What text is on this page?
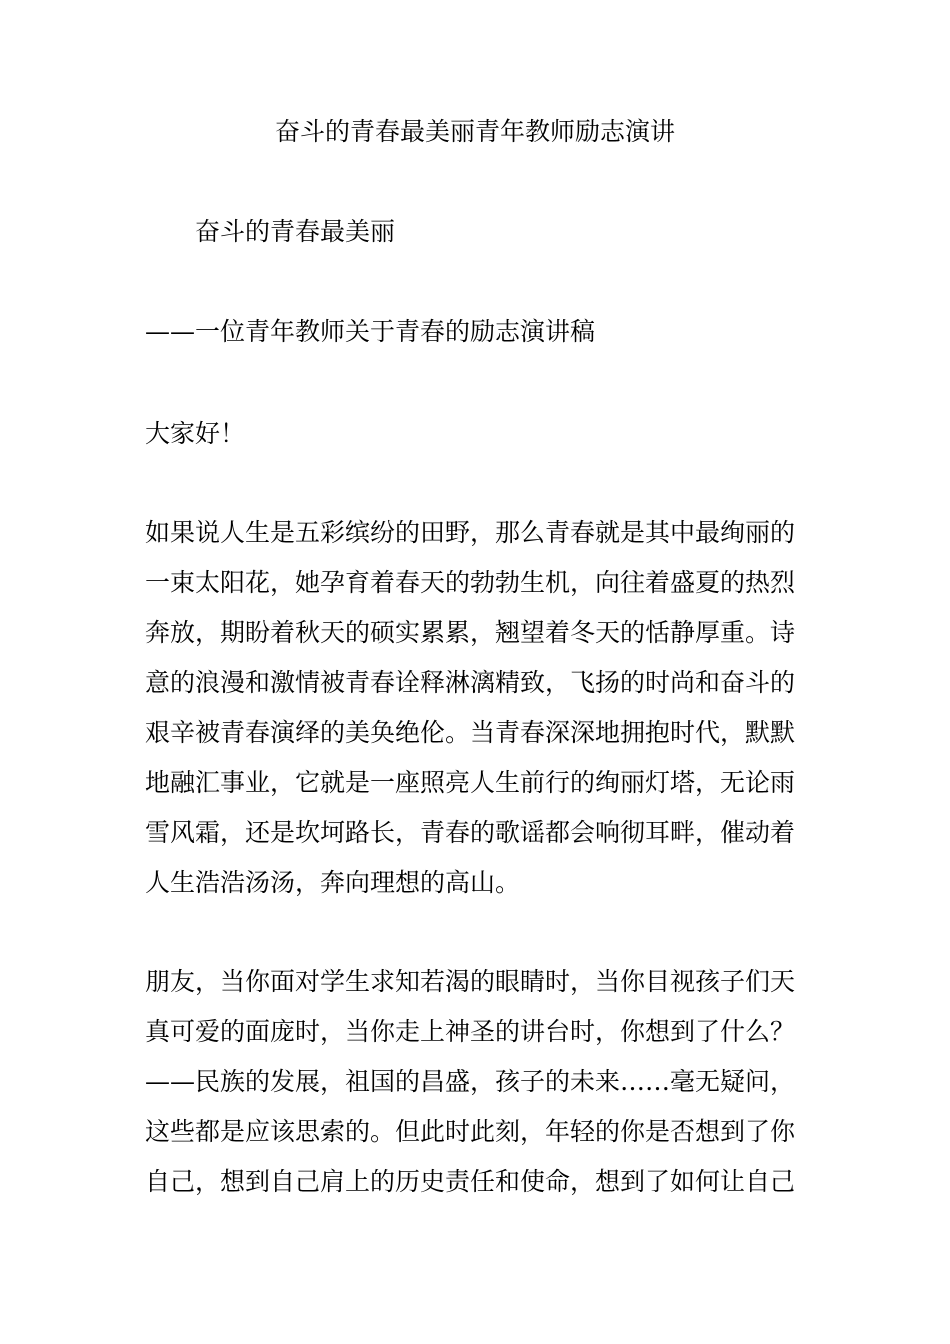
奋斗的青春最美丽青年教师励志演讲
奋斗的青春最美丽
——一位青年教师关于青春的励志演讲稿
大家好！
如果说人生是五彩缤纷的田野，那么青春就是其中最绚丽的
一束太阳花，她孕育着春天的勃勃生机，向往着盛夏的热烈
奔放，期盼着秋天的硕实累累，翘望着冬天的恬静厚重。诗
意的浪漫和激情被青春诠释淋漓精致，飞扬的时尚和奋斗的
艰辛被青春演绎的美奂绝伦。当青春深深地拥抱时代，默默
地融汇事业，它就是一座照亮人生前行的绚丽灯塔，无论雨
雪风霜，还是坎坷路长，青春的歌谣都会响彻耳畔，催动着
人生浩浩汤汤，奔向理想的高山。
朋友，当你面对学生求知若渴的眼睛时，当你目视孩子们天
真可爱的面庞时，当你走上神圣的讲台时，你想到了什么？
——民族的发展，祖国的昌盛，孩子的未来……毫无疑问，
这些都是应该思索的。但此时此刻，年轻的你是否想到了你
自己，想到自己肩上的历史责任和使命，想到了如何让自己
